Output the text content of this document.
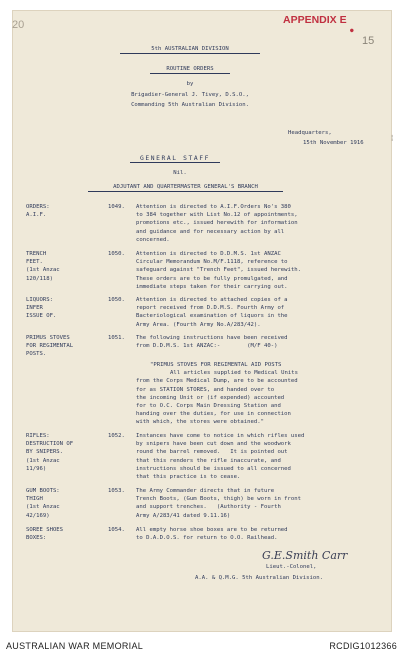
20	APPENDIX E
●
15
5th AUSTRALIAN DIVISION
ROUTINE ORDERS
by
Brigadier-General J. Tivey, D.S.O.,
Commanding 5th Australian Division.
Headquarters,
15th November 1916
¦
GENERAL STAFF
Nil.
ADJUTANT AND QUARTERMASTER GENERAL'S BRANCH
ORDERS:
A.I.F.
1049. Attention is directed to A.I.F.Orders No's 380
to 384 together with List No.12 of appointments,
promotions etc., issued herewith for information
and guidance and for necessary action by all
concerned.
TRENCH
FEET.
(1st Anzac
120/118)
1050. Attention is directed to D.D.M.S. 1st ANZAC
Circular Memorandum No.M/F.1118, reference to
safeguard against "Trench Feet", issued herewith.
These orders are to be fully promulgated, and
immediate steps taken for their carrying out.
LIQUORS:
INFER
ISSUE OF.
1050. Attention is directed to attached copies of a
report received from D.D.M.S. Fourth Army of
Bacteriological examination of liquors in the
Army Area. (Fourth Army No.A/283/42).
PRIMUS STOVES
FOR REGIMENTAL
POSTS.
1051. The following instructions have been received
from D.D.M.S. 1st ANZAC:-        (M/F 40-)
RIFLES:
DESTRUCTION OF
BY SNIPERS.
(1st Anzac
11/96)
1052. Instances have come to notice in which rifles used
by snipers have been cut down and the woodwork
round the barrel removed.   It is pointed out
that this renders the rifle inaccurate, and
instructions should be issued to all concerned
that this practice is to cease.
GUM BOOTS:
THIGH
(1st Anzac
42/169)
1053. The Army Commander directs that in future
Trench Boots, (Gum Boots, thigh) be worn in front
and support trenches.   (Authority - Fourth
Army A/283/41 dated 9.11.16)
SOREE SHOES
BOXES:
1054. All empty horse shoe boxes are to be returned
to D.A.D.O.S. for return to O.O. Railhead.
"PRIMUS STOVES FOR REGIMENTAL AID POSTS
All articles supplied to Medical Units
from the Corps Medical Dump, are to be accounted
for as STATION STORES, and handed over to
the incoming Unit or (if expended) accounted
for to O.C. Corps Main Dressing Station and
handing over the duties, for use in connection
with which, the stores were obtained."
G.E.Smith Carr
Lieut.-Colonel,
A.A. & Q.M.G. 5th Australian Division.
AUSTRALIAN WAR MEMORIAL	RCDIG1012366
